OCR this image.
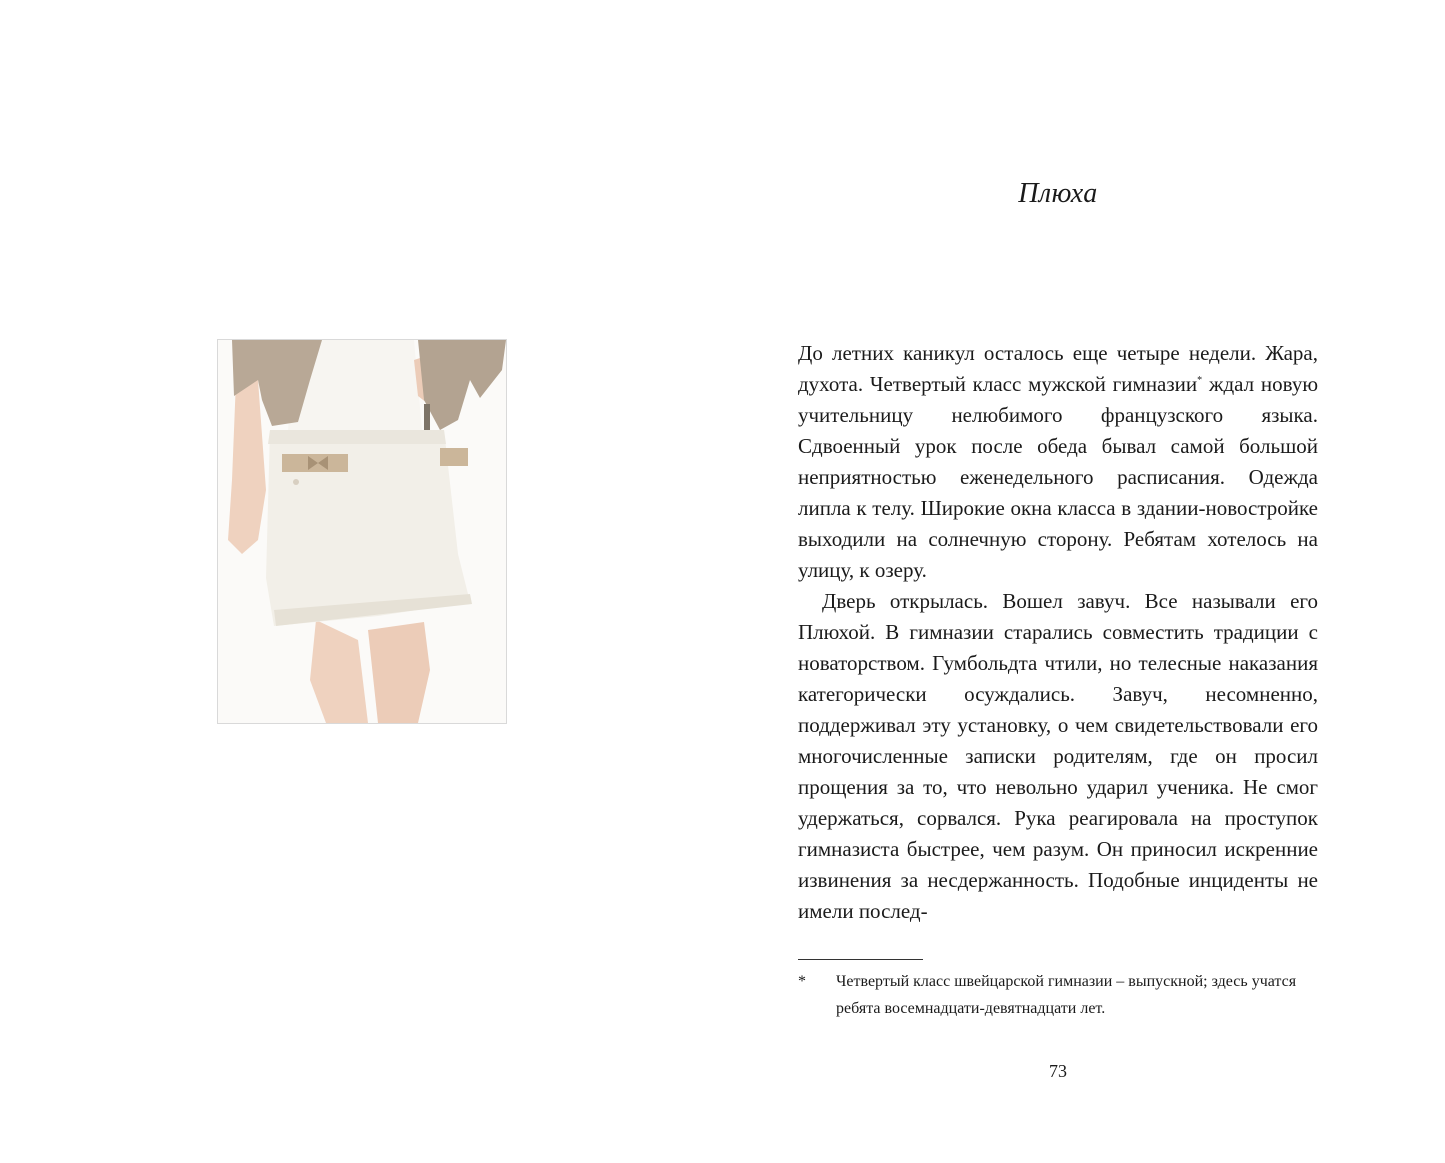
Плюха

До летних каникул осталось еще четыре недели. Жара, духота. Четвертый класс мужской гимназии* ждал новую учительницу нелюбимого французского языка. Сдвоенный урок после обеда бывал самой большой неприятностью еженедельного расписания. Одежда липла к телу. Широкие окна класса в здании-новостройке выходили на солнечную сторону. Ребятам хотелось на улицу, к озеру.

Дверь открылась. Вошел завуч. Все называли его Плюхой. В гимназии старались совместить традиции с новаторством. Гумбольдта чтили, но телесные наказания категорически осуждались. Завуч, несомненно, поддерживал эту установку, о чем свидетельствовали его многочисленные записки родителям, где он просил прощения за то, что невольно ударил ученика. Не смог удержаться, сорвался. Рука реагировала на проступок гимназиста быстрее, чем разум. Он приносил искренние извинения за несдержанность. Подобные инциденты не имели послед-

* Четвертый класс швейцарской гимназии – выпускной; здесь учатся ребята восемнадцати-девятнадцати лет.
73
